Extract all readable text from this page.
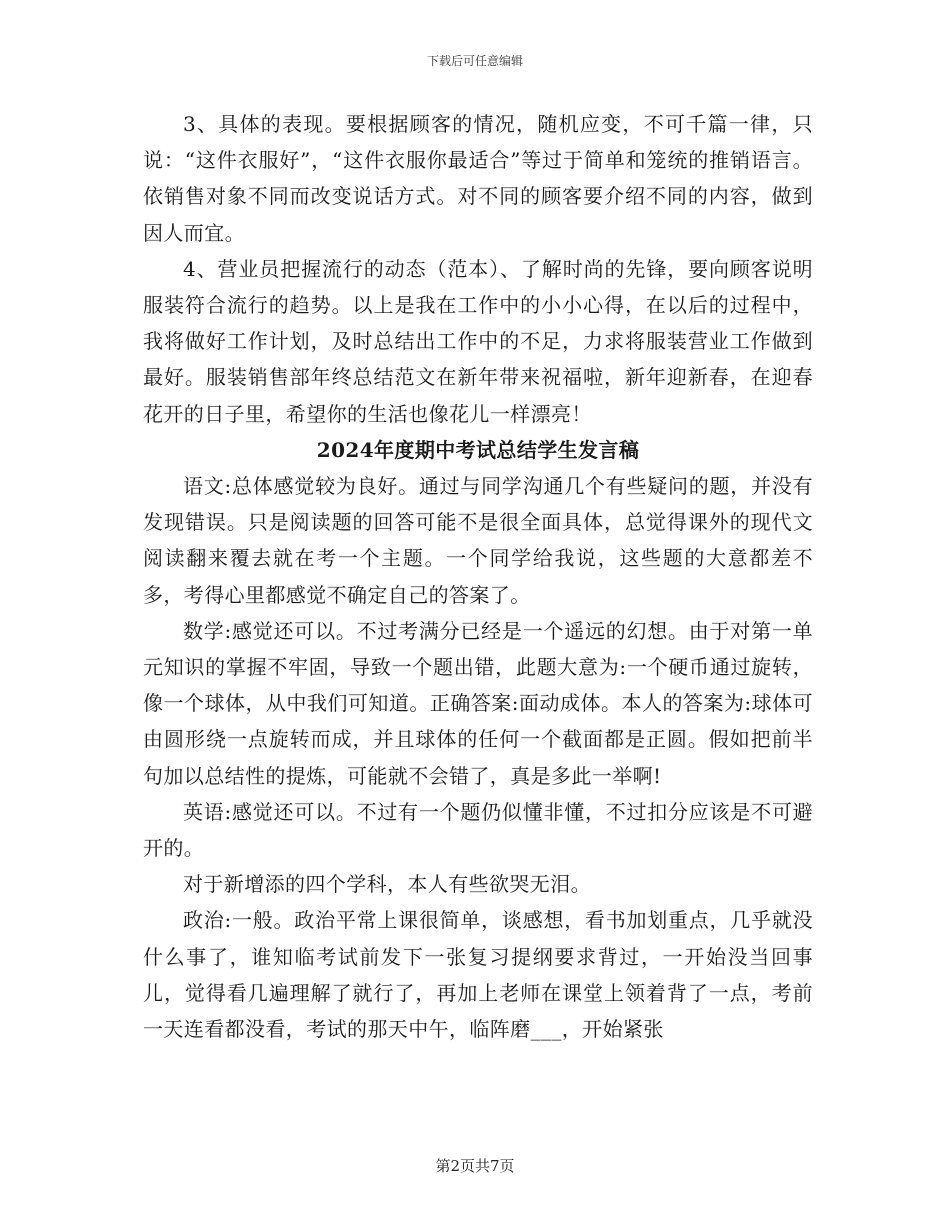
下载后可任意编辑

3、具体的表现。要根据顾客的情况，随机应变，不可千篇一律，只说：“这件衣服好”，“这件衣服你最适合”等过于简单和笼统的推销语言。依销售对象不同而改变说话方式。对不同的顾客要介绍不同的内容，做到因人而宜。

4、营业员把握流行的动态（范本）、了解时尚的先锋，要向顾客说明服装符合流行的趋势。以上是我在工作中的小小心得，在以后的过程中，我将做好工作计划，及时总结出工作中的不足，力求将服装营业工作做到最好。服装销售部年终总结范文在新年带来祝福啦，新年迎新春，在迎春花开的日子里，希望你的生活也像花儿一样漂亮！

2024年度期中考试总结学生发言稿

语文:总体感觉较为良好。通过与同学沟通几个有些疑问的题，并没有发现错误。只是阅读题的回答可能不是很全面具体，总觉得课外的现代文阅读翻来覆去就在考一个主题。一个同学给我说，这些题的大意都差不多，考得心里都感觉不确定自己的答案了。

数学:感觉还可以。不过考满分已经是一个遥远的幻想。由于对第一单元知识的掌握不牢固，导致一个题出错，此题大意为:一个硬币通过旋转，像一个球体，从中我们可知道。正确答案:面动成体。本人的答案为:球体可由圆形绕一点旋转而成，并且球体的任何一个截面都是正圆。假如把前半句加以总结性的提炼，可能就不会错了，真是多此一举啊!

英语:感觉还可以。不过有一个题仍似懂非懂，不过扣分应该是不可避开的。

对于新增添的四个学科，本人有些欲哭无泪。

政治:一般。政治平常上课很简单，谈感想，看书加划重点，几乎就没什么事了，谁知临考试前发下一张复习提纲要求背过，一开始没当回事儿，觉得看几遍理解了就行了，再加上老师在课堂上领着背了一点，考前一天连看都没看，考试的那天中午，临阵磨___，开始紧张

第2页共7页
